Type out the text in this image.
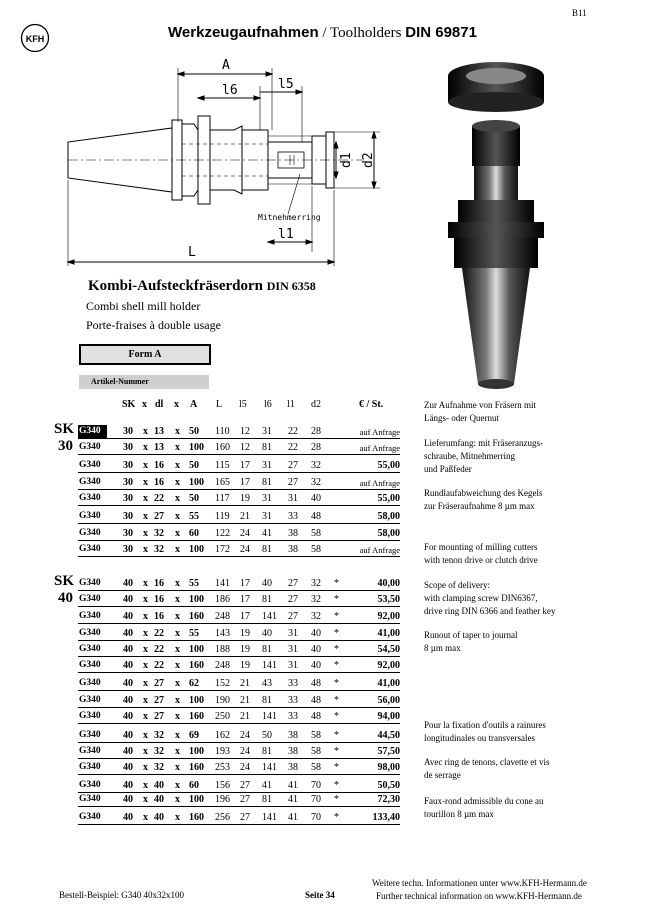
B11
KFH	Werkzeugaufnahmen / Toolholders DIN 69871
A
l6	l5
d1 d2
Mitnehmerring
l1
L
Kombi-Aufsteckfräserdorn DIN 6358
Combi shell mill holder
Porte-fraises à double usage
Form A
Artikel-Nummer
SK x dl x A L l5 l6 l1 d2	€ / St.
SK
30
SK
40
G340	30 x 13 x 50 110 12 31 22 28	auf Anfrage
G340	30 x 13 x 100 160 12 81 22 28	auf Anfrage
G340	30 x 16 x 50 115 17 31 27 32	55,00
G340	30 x 16 x 100 165 17 81 27 32	auf Anfrage
G340	30 x 22 x 50 117 19 31 31 40	55,00
G340	30 x 27 x 55 119 21 31 33 48	58,00
G340	30 x 32 x 60 122 24 41 38 58	58,00
G340	30 x 32 x 100 172 24 81 38 58	auf Anfrage
G340	40 x 16 x 55 141 17 40 27 32 *	40,00
G340	40 x 16 x 100 186 17 81 27 32 *	53,50
G340	40 x 16 x 160 248 17 141 27 32 *	92,00
G340	40 x 22 x 55 143 19 40 31 40 *	41,00
G340	40 x 22 x 100 188 19 81 31 40 *	54,50
G340	40 x 22 x 160 248 19 141 31 40 *	92,00
G340	40 x 27 x 62 152 21 43 33 48 *	41,00
G340	40 x 27 x 100 190 21 81 33 48 *	56,00
G340	40 x 27 x 160 250 21 141 33 48 *	94,00
G340	40 x 32 x 69 162 24 50 38 58 *	44,50
G340	40 x 32 x 100 193 24 81 38 58 *	57,50
G340	40 x 32 x 160 253 24 141 38 58 *	98,00
G340	40 x 40 x 60 156 27 41 41 70 *	50,50
G340	40 x 40 x 100 196 27 81 41 70 *	72,30
G340	40 x 40 x 160 256 27 141 41 70 *	133,40
Zur Aufnahme von Fräsern mit
Längs- oder Quernut
Lieferumfang: mit Fräseranzugs-
schraube, Mitnehmerring
und Paßfeder
Rundlaufabweichung des Kegels
zur Fräseraufnahme 8 µm max
For mounting of milling cutters
with tenon drive or clutch drive
Scope of delivery:
with clamping screw DIN6367,
drive ring DIN 6366 and feather key
Runout of taper to journal
8 µm max
Pour la fixation d'outils a rainures
longitudinales ou transversales
Avec ring de tenons, clavette et vis
de serrage
Faux-rond admissible du cone au
tourillon 8 µm max
Bestell-Beispiel: G340 40x32x100	Seite 34
Weitere techn. Informationen unter www.KFH-Hermann.de
Further technical information on www.KFH-Hermann.de
